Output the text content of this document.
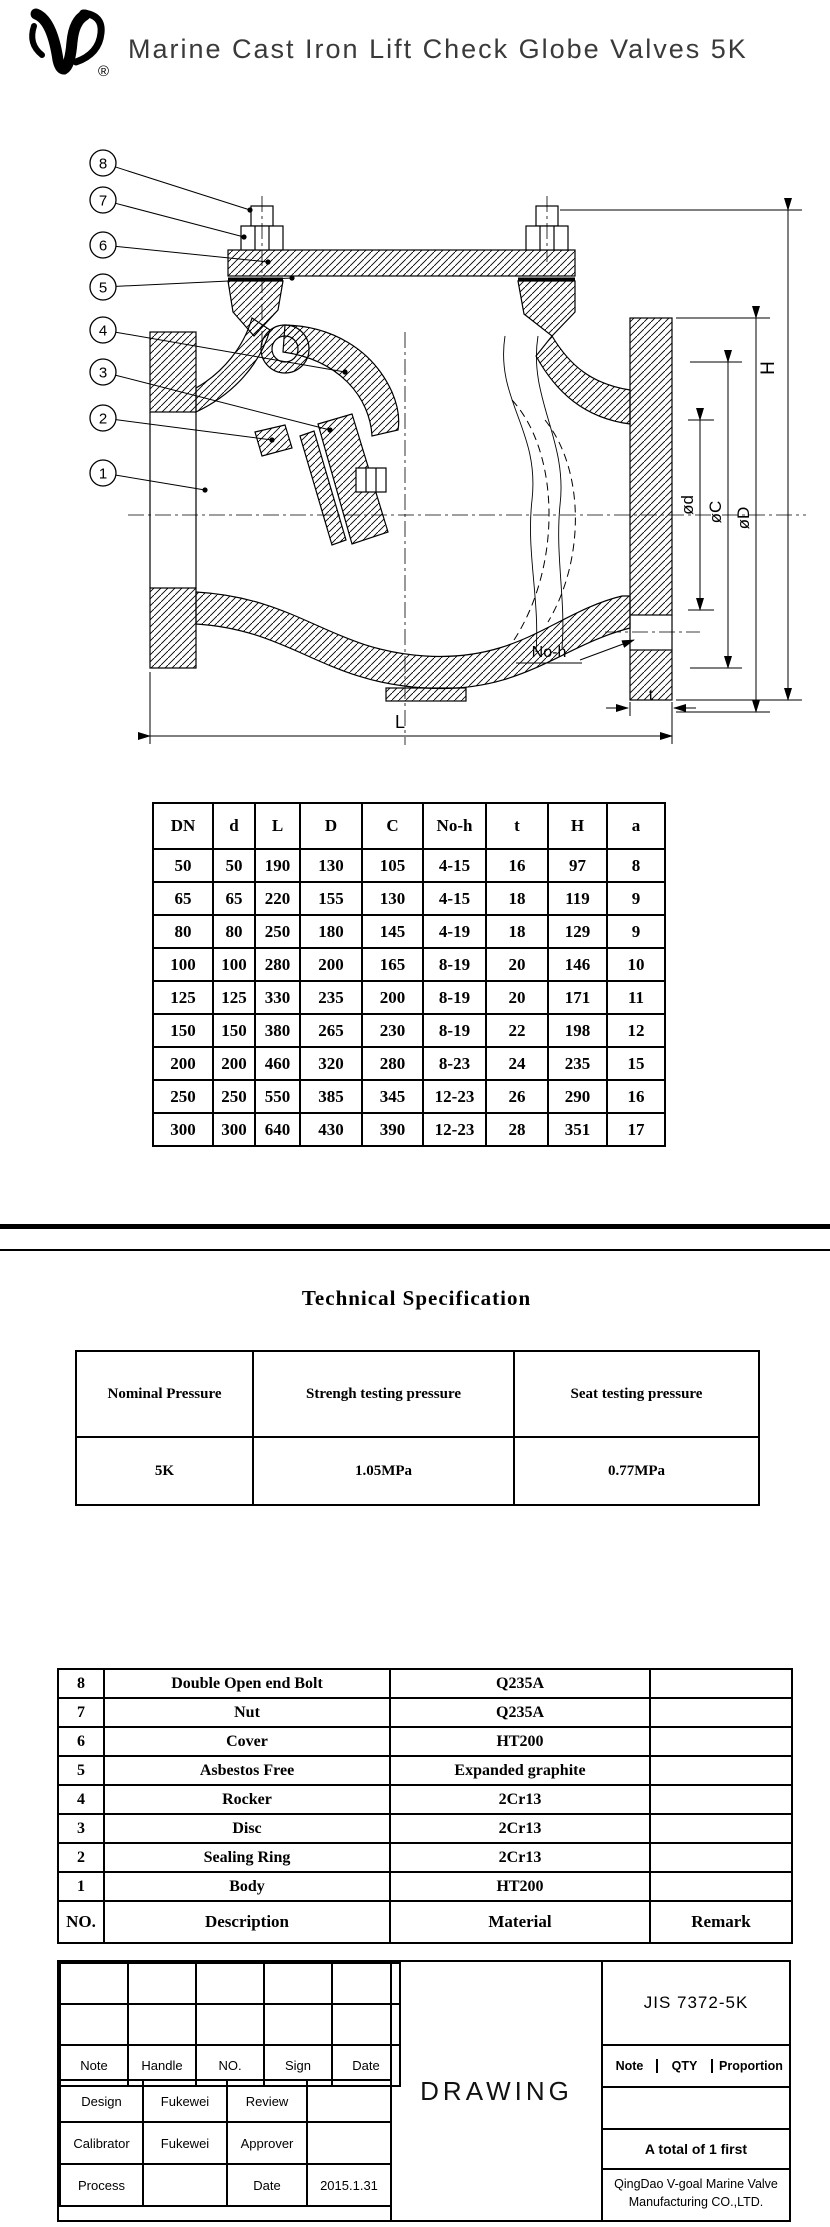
®
Marine Cast Iron Lift Check Globe Valves 5K
H
ød øC øD
No-h
t
L
8
7
6
5
4
3
2
1
DN	d	L	D	C	No-h	t	H	a
50	50	190	130	105	4-15	16	97	8
65	65	220	155	130	4-15	18	119	9
80	80	250	180	145	4-19	18	129	9
100	100	280	200	165	8-19	20	146	10
125	125	330	235	200	8-19	20	171	11
150	150	380	265	230	8-19	22	198	12
200	200	460	320	280	8-23	24	235	15
250	250	550	385	345	12-23	26	290	16
300	300	640	430	390	12-23	28	351	17
Technical Specification
Nominal Pressure	Strengh testing pressure	Seat testing pressure
5K	1.05MPa	0.77MPa
8	Double Open end Bolt	Q235A	
7	Nut	Q235A	
6	Cover	HT200	
5	Asbestos Free	Expanded graphite	
4	Rocker	2Cr13	
3	Disc	2Cr13	
2	Sealing Ring	2Cr13	
1	Body	HT200	
NO.	Description	Material	Remark

Note	Handle	NO.	Sign	Date
Design	Fukewei	Review	
Calibrator	Fukewei	Approver	
Process		Date	2015.1.31
DRAWING
JIS 7372-5K
Note	QTY	Proportion
A total of 1 first
QingDao V-goal Marine Valve
Manufacturing CO.,LTD.
